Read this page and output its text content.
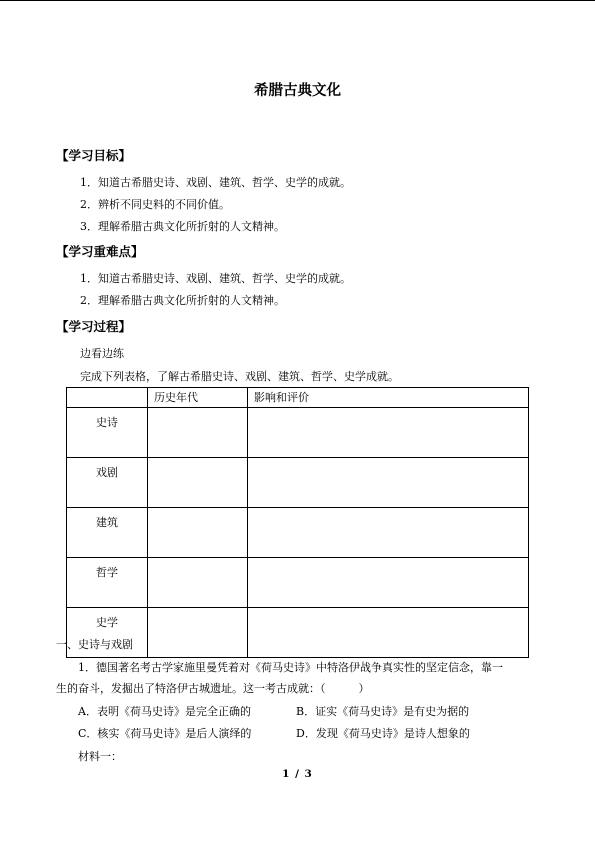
希腊古典文化
【学习目标】
1．知道古希腊史诗、戏剧、建筑、哲学、史学的成就。
2．辨析不同史料的不同价值。
3．理解希腊古典文化所折射的人文精神。
【学习重难点】
1．知道古希腊史诗、戏剧、建筑、哲学、史学的成就。
2．理解希腊古典文化所折射的人文精神。
【学习过程】
边看边练
完成下列表格，了解古希腊史诗、戏剧、建筑、哲学、史学成就。
	历史年代	影响和评价
史诗		
戏剧		
建筑		
哲学		
史学		
一、史诗与戏剧
1．德国著名考古学家施里曼凭着对《荷马史诗》中特洛伊战争真实性的坚定信念，靠一
生的奋斗，发掘出了特洛伊古城遗址。这一考古成就：（　　　）
A．表明《荷马史诗》是完全正确的	B．证实《荷马史诗》是有史为据的
C．核实《荷马史诗》是后人演绎的	D．发现《荷马史诗》是诗人想象的
材料一：
1 / 3
